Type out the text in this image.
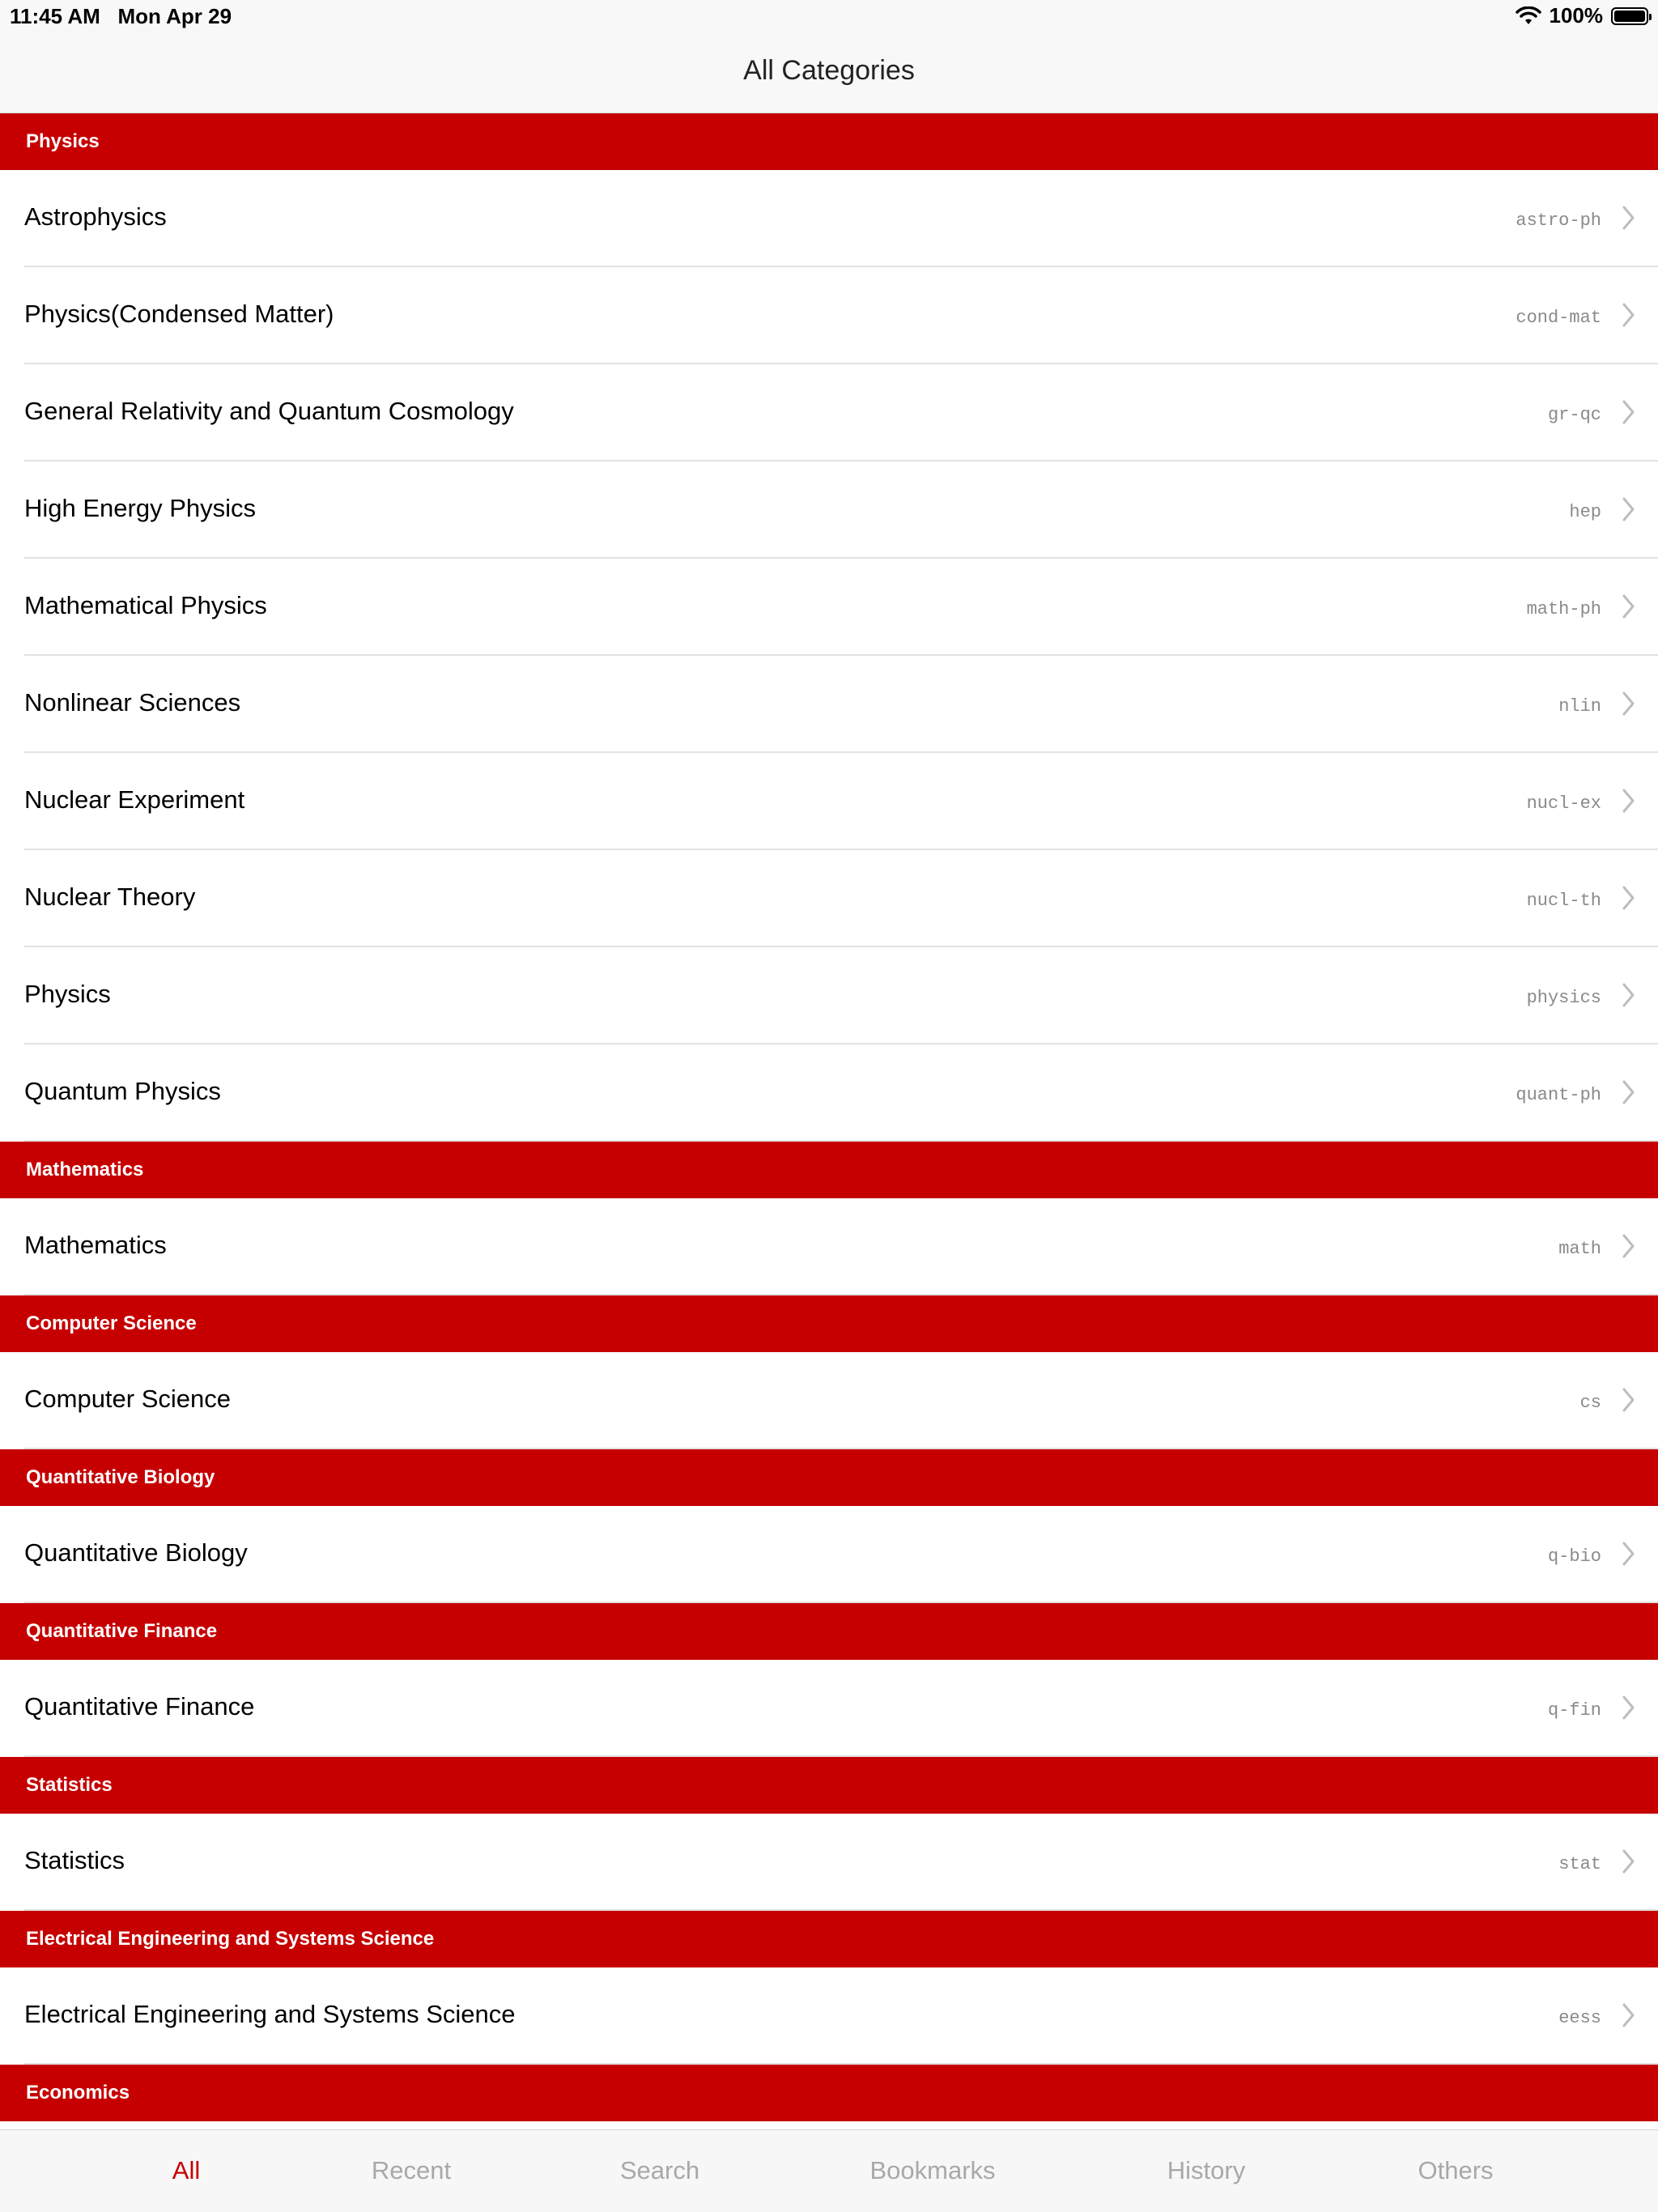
11:45 AM Mon Apr 29	100%
All Categories
Physics
Astrophysics	astro-ph
Physics(Condensed Matter)	cond-mat
General Relativity and Quantum Cosmology	gr-qc
High Energy Physics	hep
Mathematical Physics	math-ph
Nonlinear Sciences	nlin
Nuclear Experiment	nucl-ex
Nuclear Theory	nucl-th
Physics	physics
Quantum Physics	quant-ph
Mathematics
Mathematics	math
Computer Science
Computer Science	cs
Quantitative Biology
Quantitative Biology	q-bio
Quantitative Finance
Quantitative Finance	q-fin
Statistics
Statistics	stat
Electrical Engineering and Systems Science
Electrical Engineering and Systems Science	eess
Economics
All	Recent	Search	Bookmarks	History	Others
